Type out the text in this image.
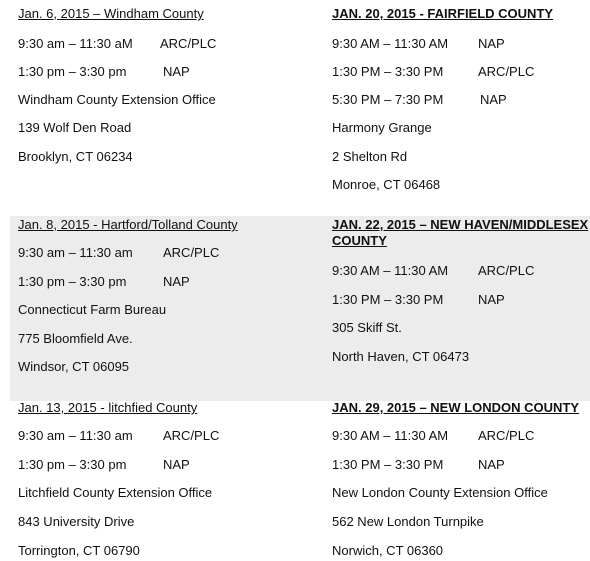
Jan. 6, 2015 – Windham County
9:30 am – 11:30 aM ARC/PLC
1:30 pm – 3:30 pm	NAP
Windham County Extension Office
139 Wolf Den Road
Brooklyn, CT 06234
JAN. 20, 2015 - FAIRFIELD COUNTY
9:30 AM – 11:30 AM NAP
1:30 PM – 3:30 PM	ARC/PLC
5:30 PM – 7:30 PM	NAP
Harmony Grange
2 Shelton Rd
Monroe, CT 06468
Jan. 8, 2015 - Hartford/Tolland County
9:30 am – 11:30 am ARC/PLC
1:30 pm – 3:30 pm	NAP
Connecticut Farm Bureau
775 Bloomfield Ave.
Windsor, CT 06095
JAN. 22, 2015 – NEW HAVEN/MIDDLESEX COUNTY
9:30 AM – 11:30 AM ARC/PLC
1:30 PM – 3:30 PM	NAP
305 Skiff St.
North Haven, CT 06473
Jan. 13, 2015 - litchfied County
9:30 am – 11:30 am ARC/PLC
1:30 pm – 3:30 pm	NAP
Litchfield County Extension Office
843 University Drive
Torrington, CT 06790
JAN. 29, 2015 – NEW LONDON COUNTY
9:30 AM – 11:30 AM ARC/PLC
1:30 PM – 3:30 PM	NAP
New London County Extension Office
562 New London Turnpike
Norwich, CT 06360
